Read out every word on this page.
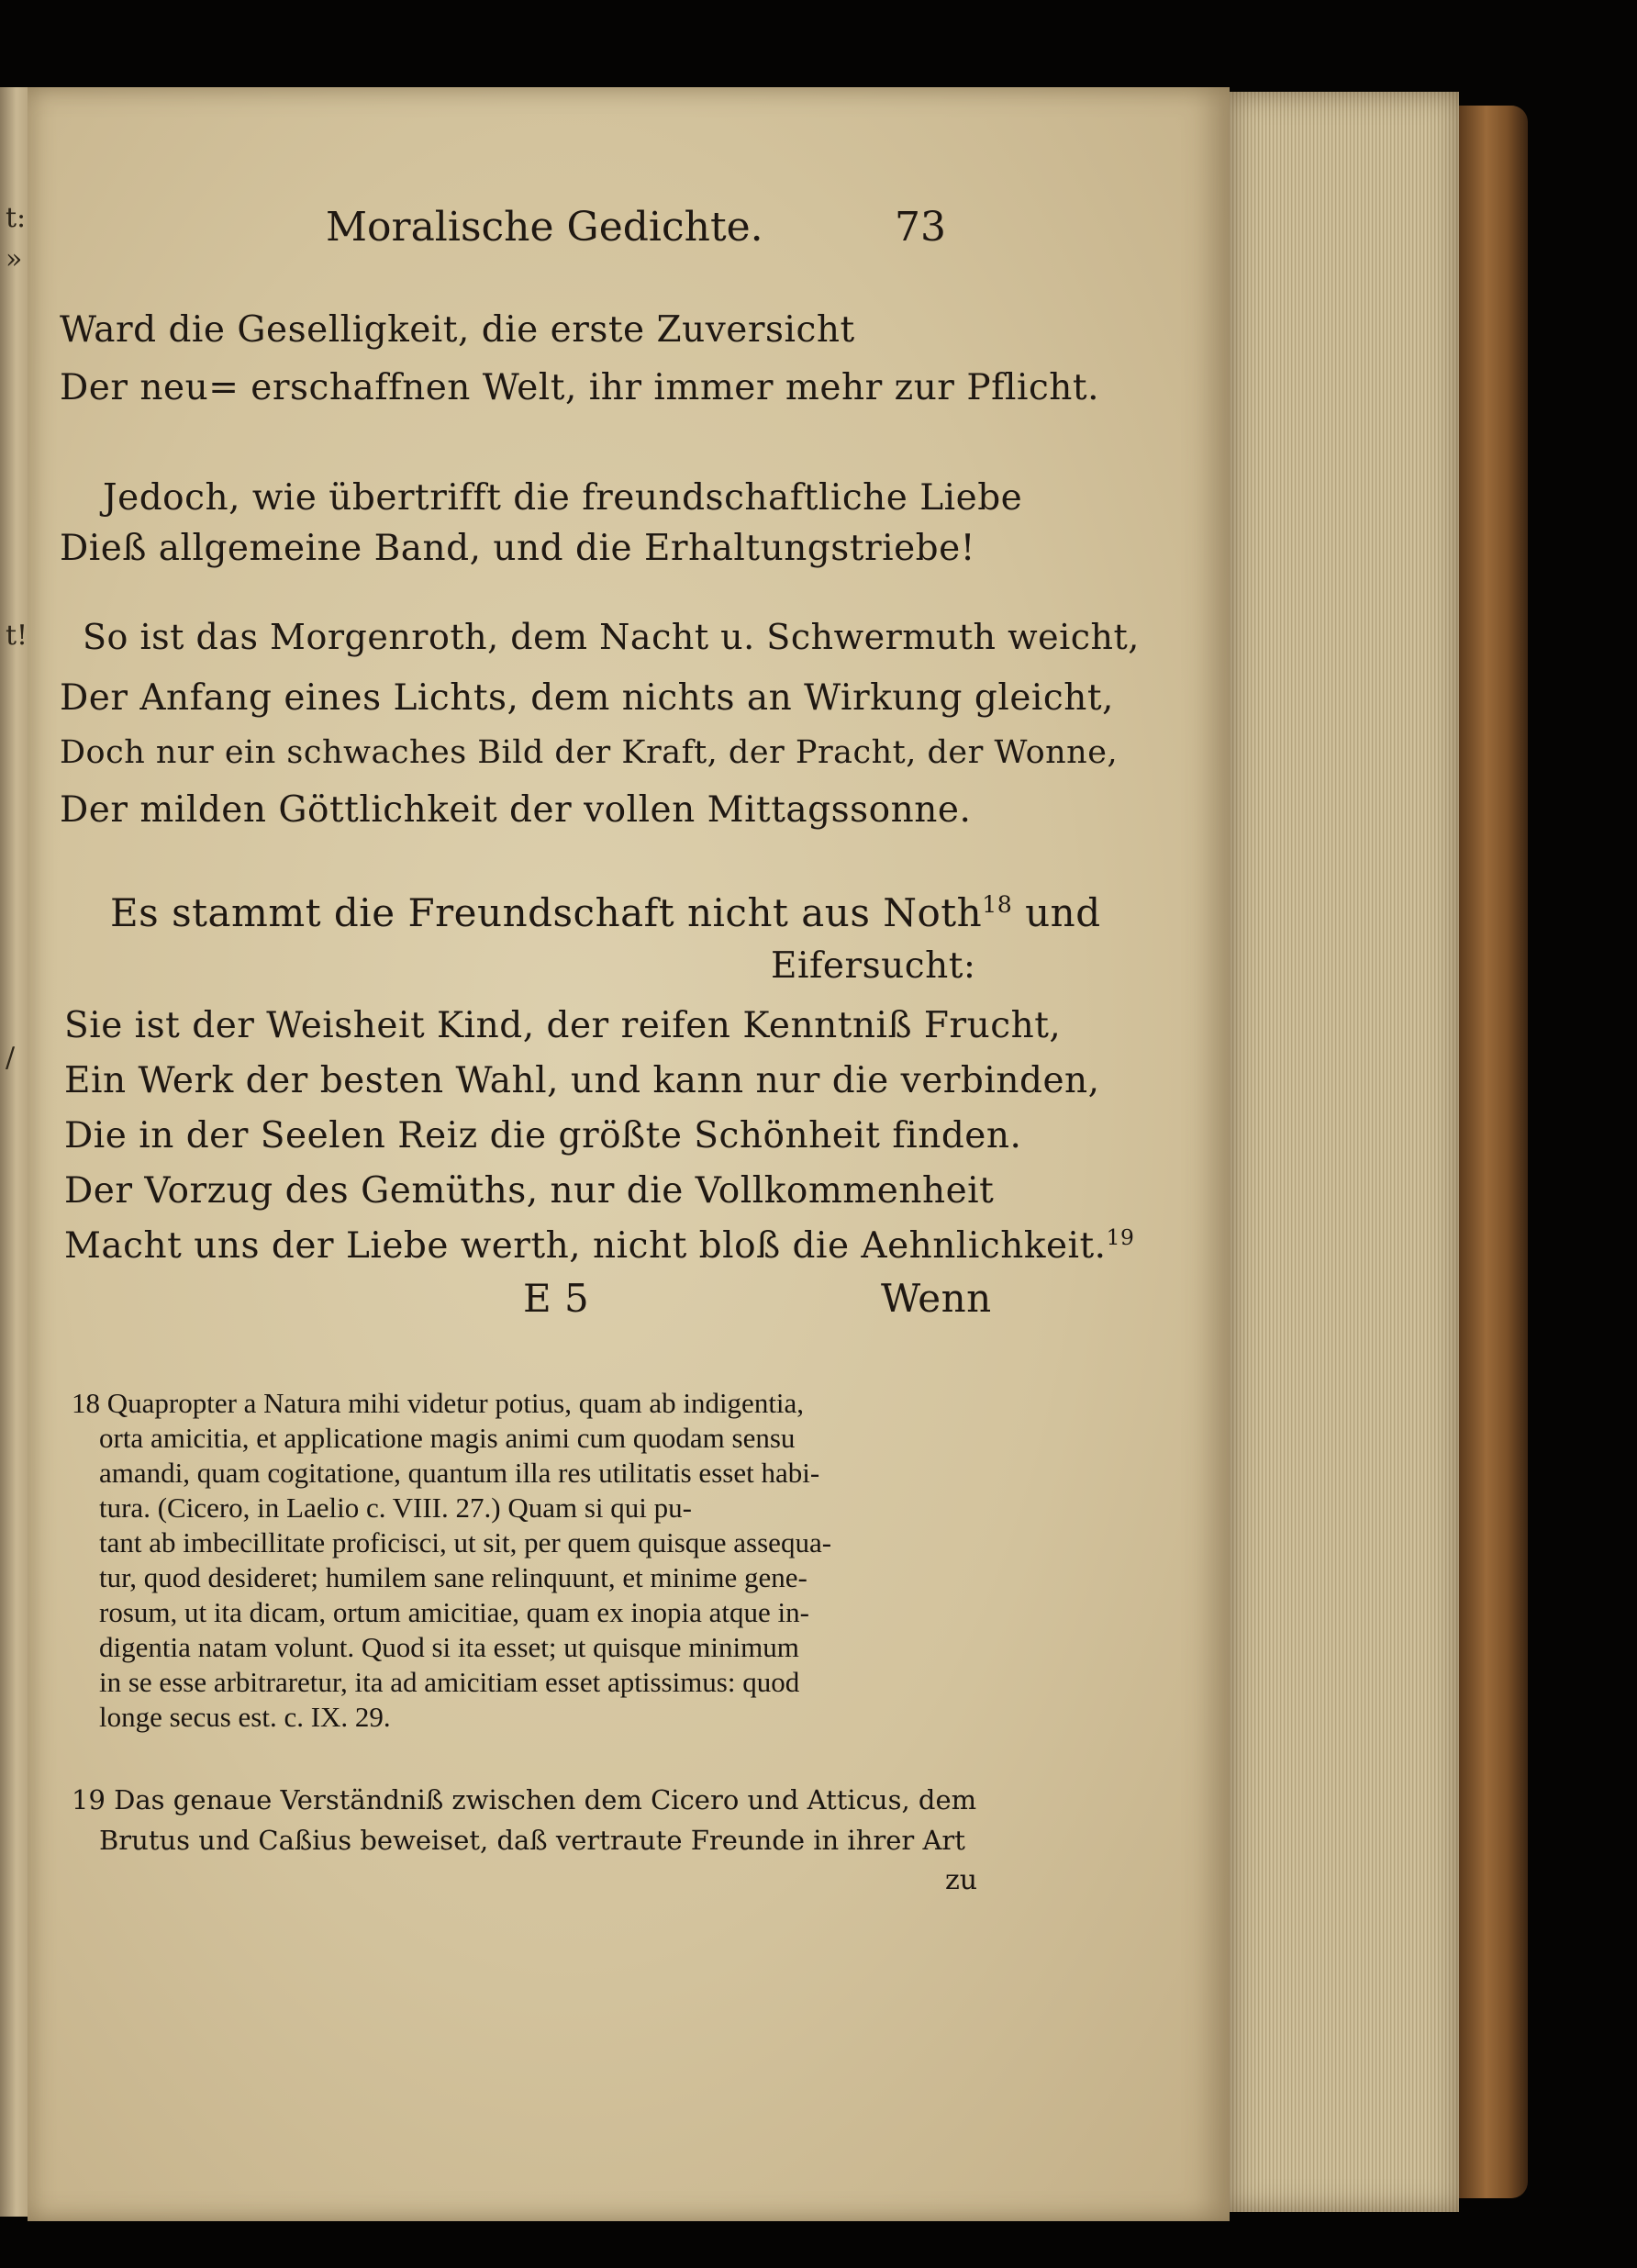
t:
»
t!
/
Moralische Gedichte.	73
Ward die Geselligkeit, die erste Zuversicht
Der neu= erschaffnen Welt, ihr immer mehr zur Pflicht.
Jedoch, wie übertrifft die freundschaftliche Liebe
Dieß allgemeine Band, und die Erhaltungstriebe!
So ist das Morgenroth, dem Nacht u. Schwermuth weicht,
Der Anfang eines Lichts, dem nichts an Wirkung gleicht,
Doch nur ein schwaches Bild der Kraft, der Pracht, der Wonne,
Der milden Göttlichkeit der vollen Mittagssonne.
Es stammt die Freundschaft nicht aus Noth$^{18}$ und
Eifersucht:
Sie ist der Weisheit Kind, der reifen Kenntniß Frucht,
Ein Werk der besten Wahl, und kann nur die verbinden,
Die in der Seelen Reiz die größte Schönheit finden.
Der Vorzug des Gemüths, nur die Vollkommenheit
Macht uns der Liebe werth, nicht bloß die Aehnlichkeit.$^{19}$
E 5	Wenn
18 Quapropter a Natura mihi videtur potius, quam ab indigentia,
orta amicitia, et applicatione magis animi cum quodam sensu
amandi, quam cogitatione, quantum illa res utilitatis esset habi-
tura. (Cicero, in Laelio c. VIII. 27.) Quam si qui pu-
tant ab imbecillitate proficisci, ut sit, per quem quisque assequa-
tur, quod desideret; humilem sane relinquunt, et minime gene-
rosum, ut ita dicam, ortum amicitiae, quam ex inopia atque in-
digentia natam volunt. Quod si ita esset; ut quisque minimum
in se esse arbitraretur, ita ad amicitiam esset aptissimus: quod
longe secus est. c. IX. 29.
19 Das genaue Verständniß zwischen dem Cicero und Atticus, dem
Brutus und Caßius beweiset, daß vertraute Freunde in ihrer Art
zu
